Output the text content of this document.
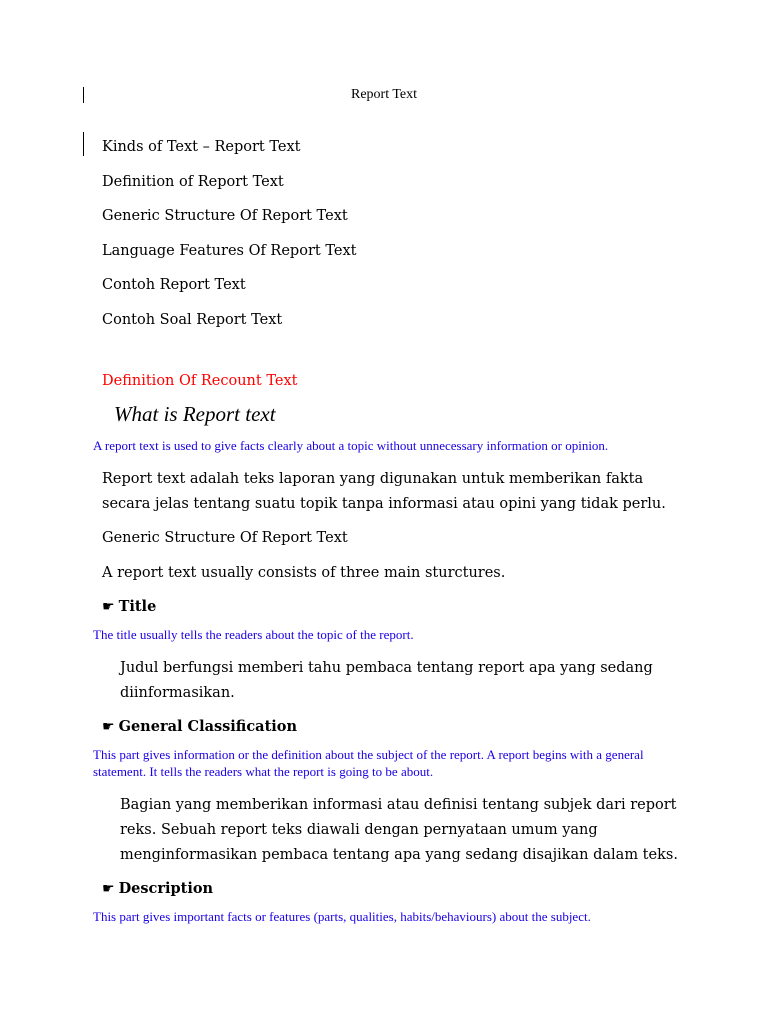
Report Text
Kinds of Text – Report Text
Definition of Report Text
Generic Structure Of Report Text
Language Features Of Report Text
Contoh Report Text
Contoh Soal Report Text
Definition Of Recount Text
What is Report text
A report text is used to give facts clearly about a topic without unnecessary information or opinion.
Report text adalah teks laporan yang digunakan untuk memberikan fakta secara jelas tentang suatu topik tanpa informasi atau opini yang tidak perlu.
Generic Structure Of Report Text
A report text usually consists of three main sturctures.
☛ Title
The title usually tells the readers about the topic of the report.
Judul berfungsi memberi tahu pembaca tentang report apa yang sedang diinformasikan.
☛ General Classification
This part gives information or the definition about the subject of the report. A report begins with a general statement. It tells the readers what the report is going to be about.
Bagian yang memberikan informasi atau definisi tentang subjek dari report reks. Sebuah report teks diawali dengan pernyataan umum yang menginformasikan pembaca tentang apa yang sedang disajikan dalam teks.
☛ Description
This part gives important facts or features (parts, qualities, habits/behaviours) about the subject.
